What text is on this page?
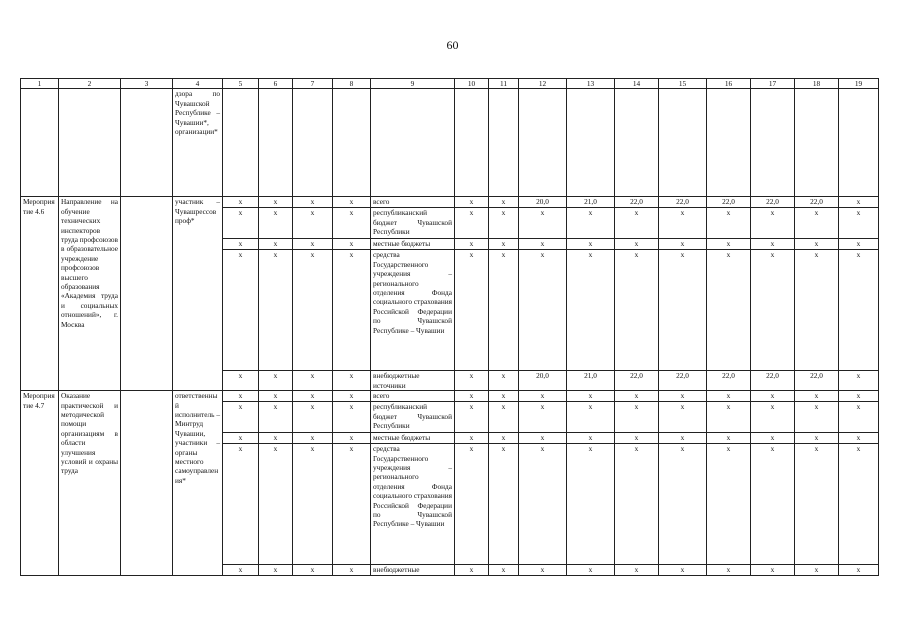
60
1	2	3	4	5	6	7	8	9	10	11	12	13	14	15	16	17	18	19
			дзора по Чувашской Республике – Чувашии*, организации*															
Мероприятие 4.6	Направление на обучение технических инспекторов труда профсоюзов в образовательное учреждение профсоюзов высшего образования «Академия труда и социальных отношений», г. Москва		участник – Чувашрессовпроф*	x	x	x	x	всего	x	x	20,0	21,0	22,0	22,0	22,0	22,0	22,0	x
				x	x	x	x	республиканский бюджет Чувашской Республики	x	x	x	x	x	x	x	x	x	x
				x	x	x	x	местные бюджеты	x	x	x	x	x	x	x	x	x	x
				x	x	x	x	средства Государственного учреждения – регионального отделения Фонда социального страхования Российской Федерации по Чувашской Республике – Чувашии	x	x	x	x	x	x	x	x	x	x
				x	x	x	x	внебюджетные источники	x	x	20,0	21,0	22,0	22,0	22,0	22,0	22,0	x
Мероприятие 4.7	Оказание практической и методической помощи организациям в области улучшения условий и охраны труда		ответственный исполнитель – Минтруд Чувашии, участники – органы местного самоуправления*	x	x	x	x	всего	x	x	x	x	x	x	x	x	x	x
				x	x	x	x	республиканский бюджет Чувашской Республики	x	x	x	x	x	x	x	x	x	x
				x	x	x	x	местные бюджеты	x	x	x	x	x	x	x	x	x	x
				x	x	x	x	средства Государственного учреждения – регионального отделения Фонда социального страхования Российской Федерации по Чувашской Республике – Чувашии	x	x	x	x	x	x	x	x	x	x
				x	x	x	x	внебюджетные	x	x	x	x	x	x	x	x	x	x
